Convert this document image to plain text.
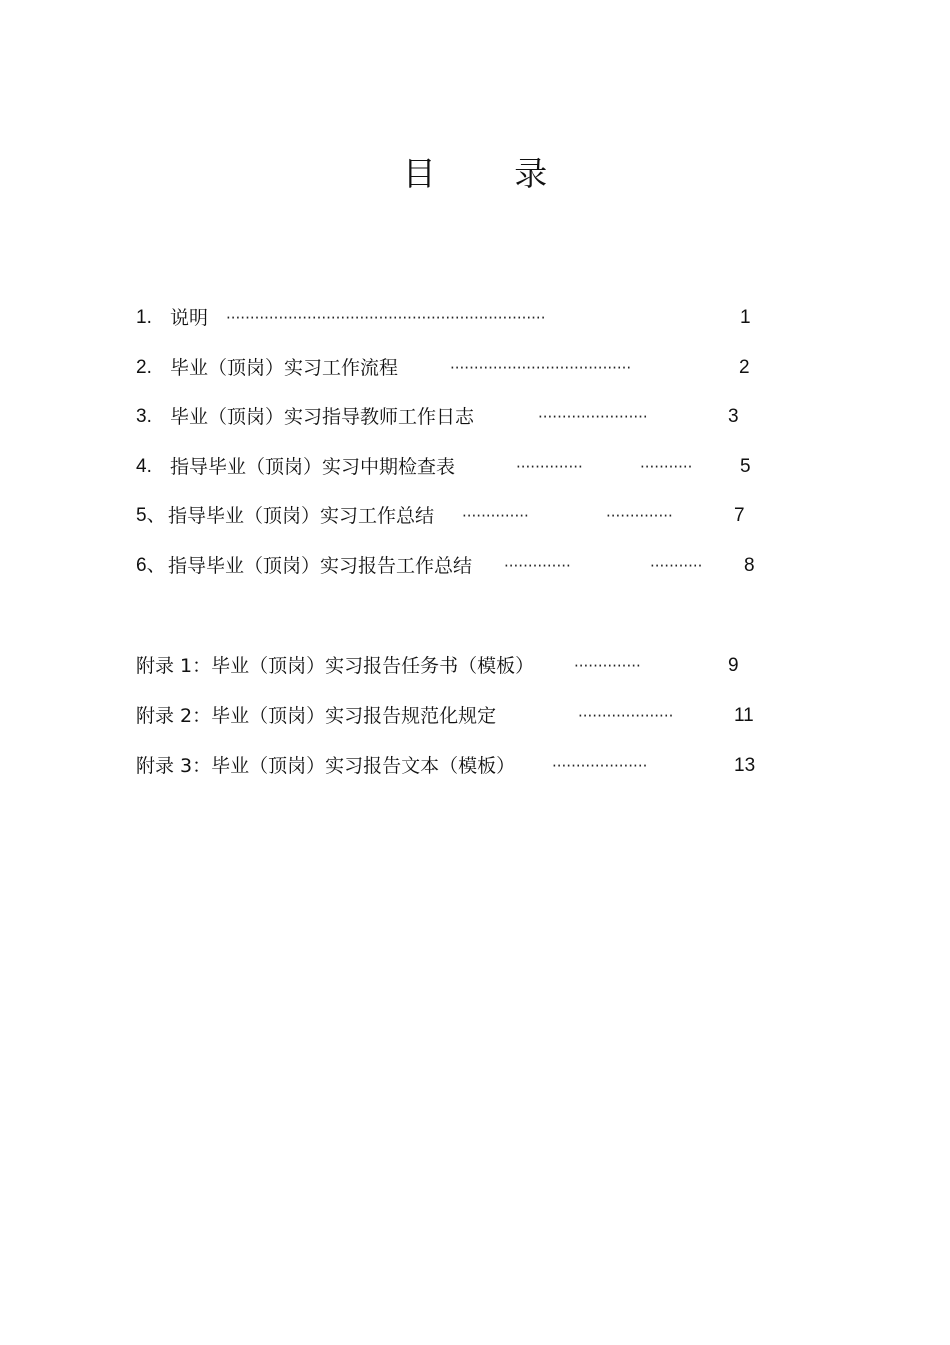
目 录
1. 说明 ···································································	1
2. 毕业（顶岗）实习工作流程	······································	2
3. 毕业（顶岗）实习指导教师工作日志	·······················	3
4. 指导毕业（顶岗）实习中期检查表	··············	···········	5
5、 指导毕业（顶岗）实习工作总结 ··············	··············	7
6、 指导毕业（顶岗）实习报告工作总结 ··············	··········· 8
附录 1：毕业（顶岗）实习报告任务书（模板）	··············	9
附录 2：毕业（顶岗）实习报告规范化规定	····················	11
附录 3：毕业（顶岗）实习报告文本（模板） ····················	13
